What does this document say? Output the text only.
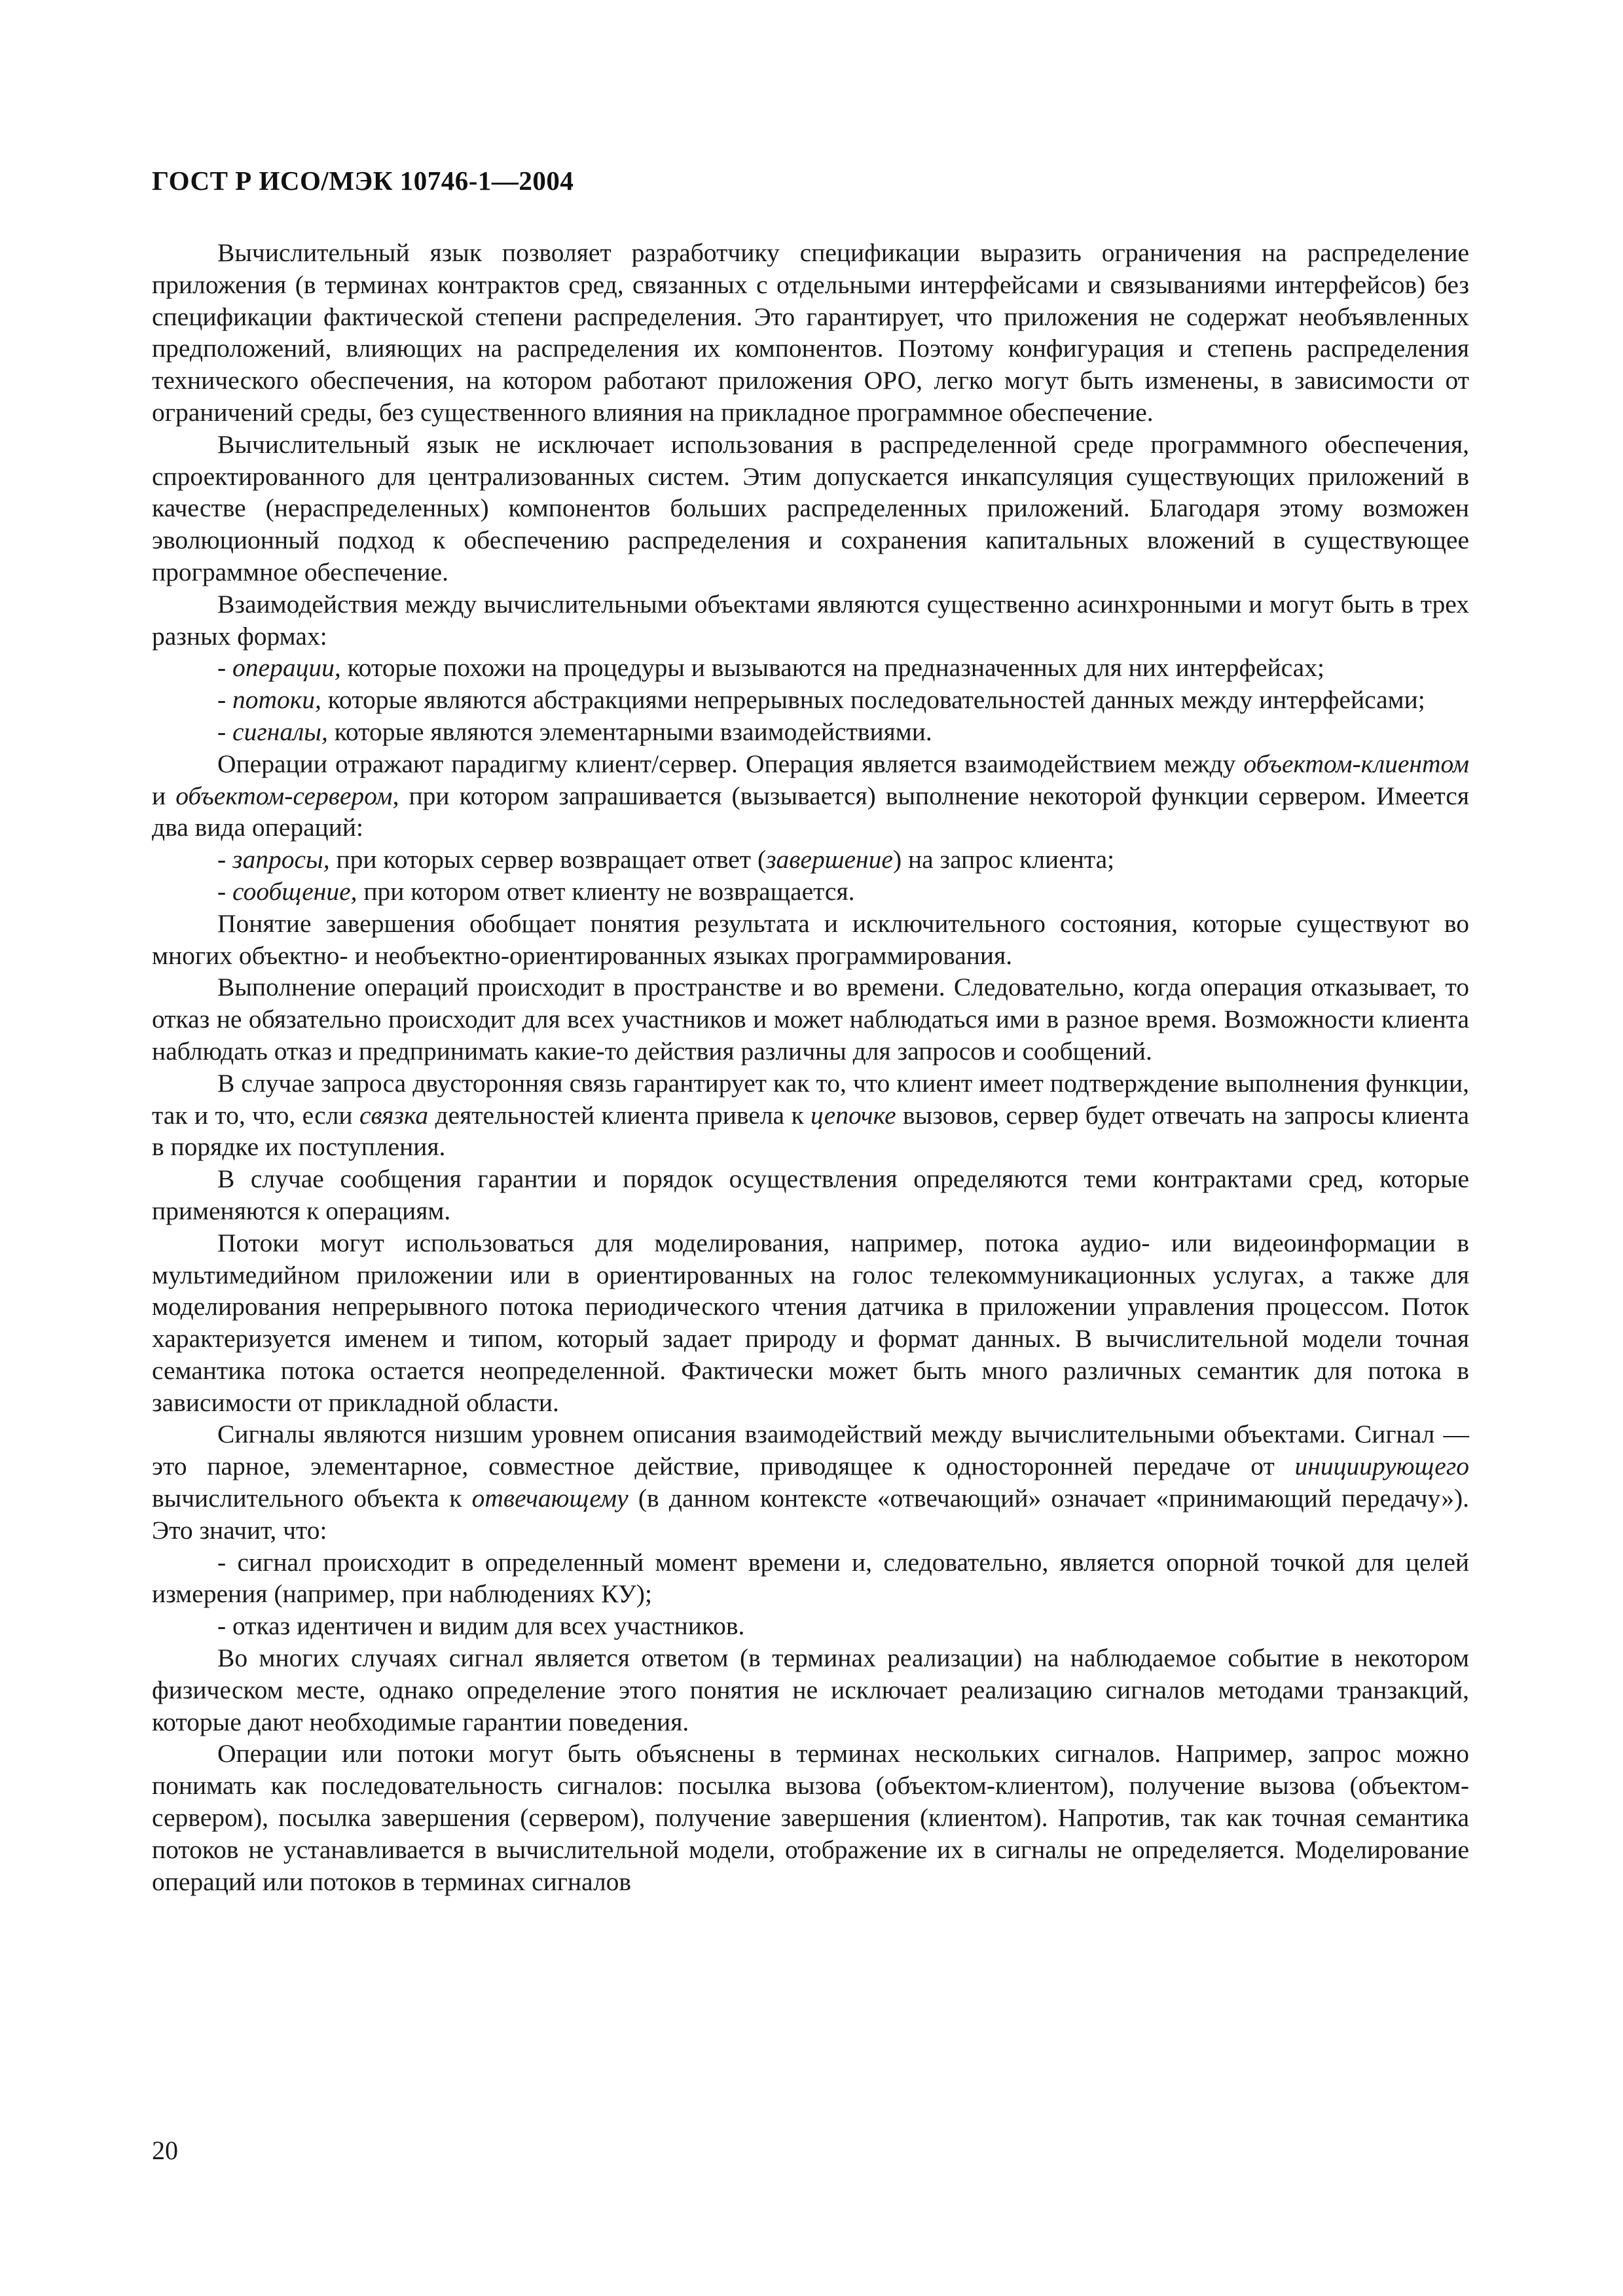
ГОСТ Р ИСО/МЭК 10746-1—2004

Вычислительный язык позволяет разработчику спецификации выразить ограничения на распределение приложения (в терминах контрактов сред, связанных с отдельными интерфейсами и связываниями интерфейсов) без спецификации фактической степени распределения. Это гарантирует, что приложения не содержат необъявленных предположений, влияющих на распределения их компонентов. Поэтому конфигурация и степень распределения технического обеспечения, на котором работают приложения ОРО, легко могут быть изменены, в зависимости от ограничений среды, без существенного влияния на прикладное программное обеспечение.

Вычислительный язык не исключает использования в распределенной среде программного обеспечения, спроектированного для централизованных систем. Этим допускается инкапсуляция существующих приложений в качестве (нераспределенных) компонентов больших распределенных приложений. Благодаря этому возможен эволюционный подход к обеспечению распределения и сохранения капитальных вложений в существующее программное обеспечение.

Взаимодействия между вычислительными объектами являются существенно асинхронными и могут быть в трех разных формах:

- операции, которые похожи на процедуры и вызываются на предназначенных для них интерфейсах;

- потоки, которые являются абстракциями непрерывных последовательностей данных между интерфейсами;

- сигналы, которые являются элементарными взаимодействиями.

Операции отражают парадигму клиент/сервер. Операция является взаимодействием между объектом-клиентом и объектом-сервером, при котором запрашивается (вызывается) выполнение некоторой функции сервером. Имеется два вида операций:

- запросы, при которых сервер возвращает ответ (завершение) на запрос клиента;

- сообщение, при котором ответ клиенту не возвращается.

Понятие завершения обобщает понятия результата и исключительного состояния, которые существуют во многих объектно- и необъектно-ориентированных языках программирования.

Выполнение операций происходит в пространстве и во времени. Следовательно, когда операция отказывает, то отказ не обязательно происходит для всех участников и может наблюдаться ими в разное время. Возможности клиента наблюдать отказ и предпринимать какие-то действия различны для запросов и сообщений.

В случае запроса двусторонняя связь гарантирует как то, что клиент имеет подтверждение выполнения функции, так и то, что, если связка деятельностей клиента привела к цепочке вызовов, сервер будет отвечать на запросы клиента в порядке их поступления.

В случае сообщения гарантии и порядок осуществления определяются теми контрактами сред, которые применяются к операциям.

Потоки могут использоваться для моделирования, например, потока аудио- или видеоинформации в мультимедийном приложении или в ориентированных на голос телекоммуникационных услугах, а также для моделирования непрерывного потока периодического чтения датчика в приложении управления процессом. Поток характеризуется именем и типом, который задает природу и формат данных. В вычислительной модели точная семантика потока остается неопределенной. Фактически может быть много различных семантик для потока в зависимости от прикладной области.

Сигналы являются низшим уровнем описания взаимодействий между вычислительными объектами. Сигнал — это парное, элементарное, совместное действие, приводящее к односторонней передаче от инициирующего вычислительного объекта к отвечающему (в данном контексте «отвечающий» означает «принимающий передачу»). Это значит, что:

- сигнал происходит в определенный момент времени и, следовательно, является опорной точкой для целей измерения (например, при наблюдениях КУ);

- отказ идентичен и видим для всех участников.

Во многих случаях сигнал является ответом (в терминах реализации) на наблюдаемое событие в некотором физическом месте, однако определение этого понятия не исключает реализацию сигналов методами транзакций, которые дают необходимые гарантии поведения.

Операции или потоки могут быть объяснены в терминах нескольких сигналов. Например, запрос можно понимать как последовательность сигналов: посылка вызова (объектом-клиентом), получение вызова (объектом-сервером), посылка завершения (сервером), получение завершения (клиентом). Напротив, так как точная семантика потоков не устанавливается в вычислительной модели, отображение их в сигналы не определяется. Моделирование операций или потоков в терминах сигналов

20
